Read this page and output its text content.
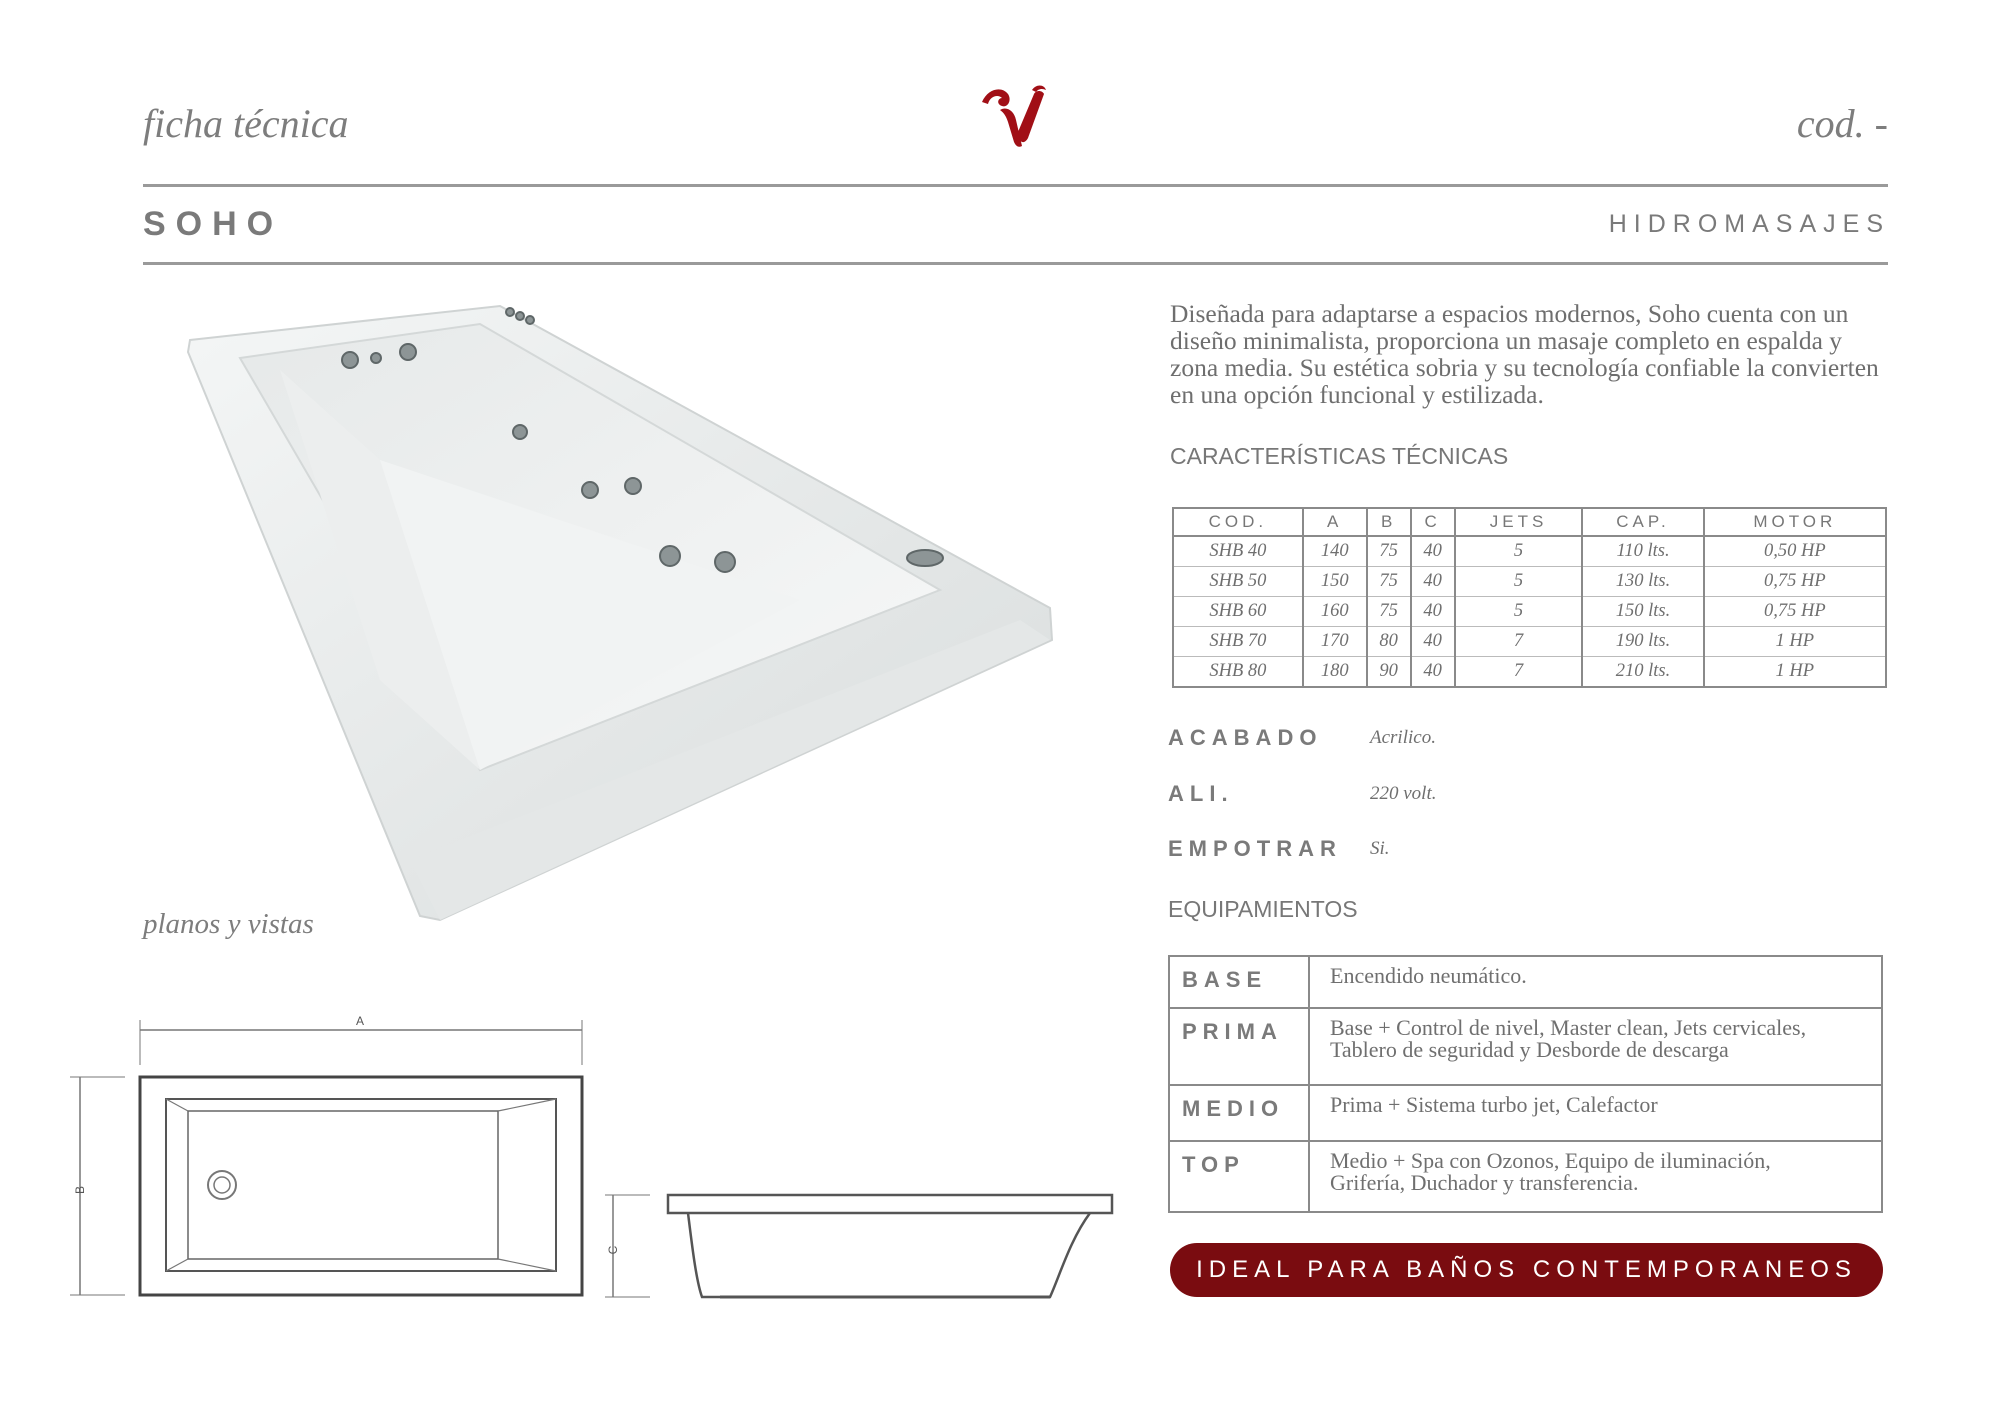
ficha técnica	cod. -
SOHO	HIDROMASAJES
Diseñada para adaptarse a espacios modernos, Soho cuenta con un diseño minimalista, proporciona un masaje completo en espalda y zona media. Su estética sobria y su tecnología confiable la convierten en una opción funcional y estilizada.
CARACTERÍSTICAS TÉCNICAS
COD.	A	B	C	JETS	CAP.	MOTOR
SHB 40	140	75	40	5	110 lts.	0,50 HP
SHB 50	150	75	40	5	130 lts.	0,75 HP
SHB 60	160	75	40	5	150 lts.	0,75 HP
SHB 70	170	80	40	7	190 lts.	1 HP
SHB 80	180	90	40	7	210 lts.	1 HP
ACABADO	Acrilico.
ALI.	220 volt.
EMPOTRAR Si.
EQUIPAMIENTOS
BASE	Encendido neumático.

PRIMA	Base + Control de nivel, Master clean, Jets cervicales,
Tablero de seguridad y Desborde de descarga

MEDIO	Prima + Sistema turbo jet, Calefactor

TOP	Medio + Spa con Ozonos, Equipo de iluminación,
Grifería, Duchador y transferencia.
IDEAL PARA BAÑOS CONTEMPORANEOS
planos y vistas
A
B
C
